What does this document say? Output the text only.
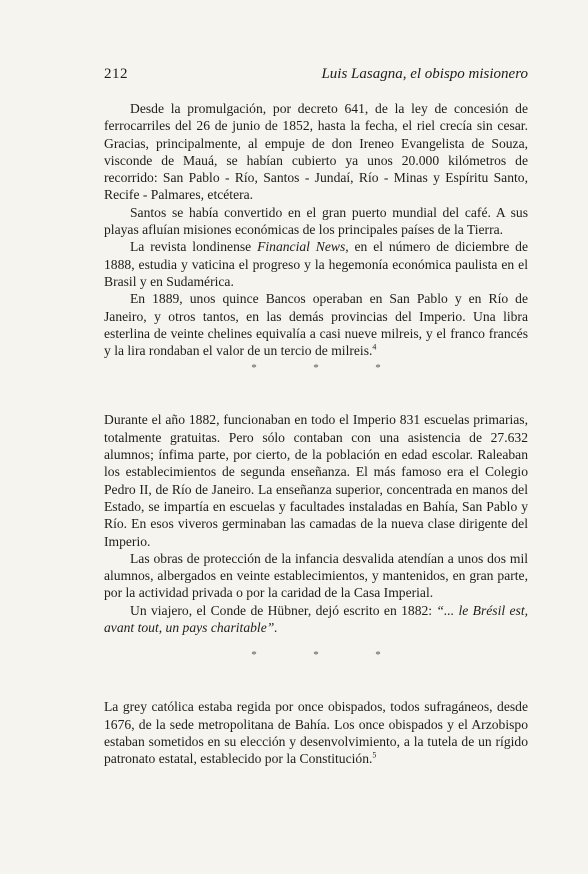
212	Luis Lasagna, el obispo misionero

Desde la promulgación, por decreto 641, de la ley de concesión de ferrocarriles del 26 de junio de 1852, hasta la fecha, el riel crecía sin cesar. Gracias, principalmente, al empuje de don Ireneo Evangelista de Souza, visconde de Mauá, se habían cubierto ya unos 20.000 kilómetros de recorrido: San Pablo - Río, Santos - Jundaí, Río - Minas y Espíritu Santo, Recife - Palmares, etcétera.

Santos se había convertido en el gran puerto mundial del café. A sus playas afluían misiones económicas de los principales países de la Tierra.

La revista londinense Financial News, en el número de diciembre de 1888, estudia y vaticina el progreso y la hegemonía económica paulista en el Brasil y en Sudamérica.

En 1889, unos quince Bancos operaban en San Pablo y en Río de Janeiro, y otros tantos, en las demás provincias del Imperio. Una libra esterlina de veinte chelines equivalía a casi nueve milreis, y el franco francés y la lira rondaban el valor de un tercio de milreis.$^4$

*	*	*

Durante el año 1882, funcionaban en todo el Imperio 831 escuelas primarias, totalmente gratuitas. Pero sólo contaban con una asistencia de 27.632 alumnos; ínfima parte, por cierto, de la población en edad escolar. Raleaban los establecimientos de segunda enseñanza. El más famoso era el Colegio Pedro II, de Río de Janeiro. La enseñanza superior, concentrada en manos del Estado, se impartía en escuelas y facultades instaladas en Bahía, San Pablo y Río. En esos viveros germinaban las camadas de la nueva clase dirigente del Imperio.

Las obras de protección de la infancia desvalida atendían a unos dos mil alumnos, albergados en veinte establecimientos, y mantenidos, en gran parte, por la actividad privada o por la caridad de la Casa Imperial.

Un viajero, el Conde de Hübner, dejó escrito en 1882: “... le Brésil est, avant tout, un pays charitable”.

*	*	*

La grey católica estaba regida por once obispados, todos sufragáneos, desde 1676, de la sede metropolitana de Bahía. Los once obispados y el Arzobispo estaban sometidos en su elección y desenvolvimiento, a la tutela de un rígido patronato estatal, establecido por la Constitución.$^5$
